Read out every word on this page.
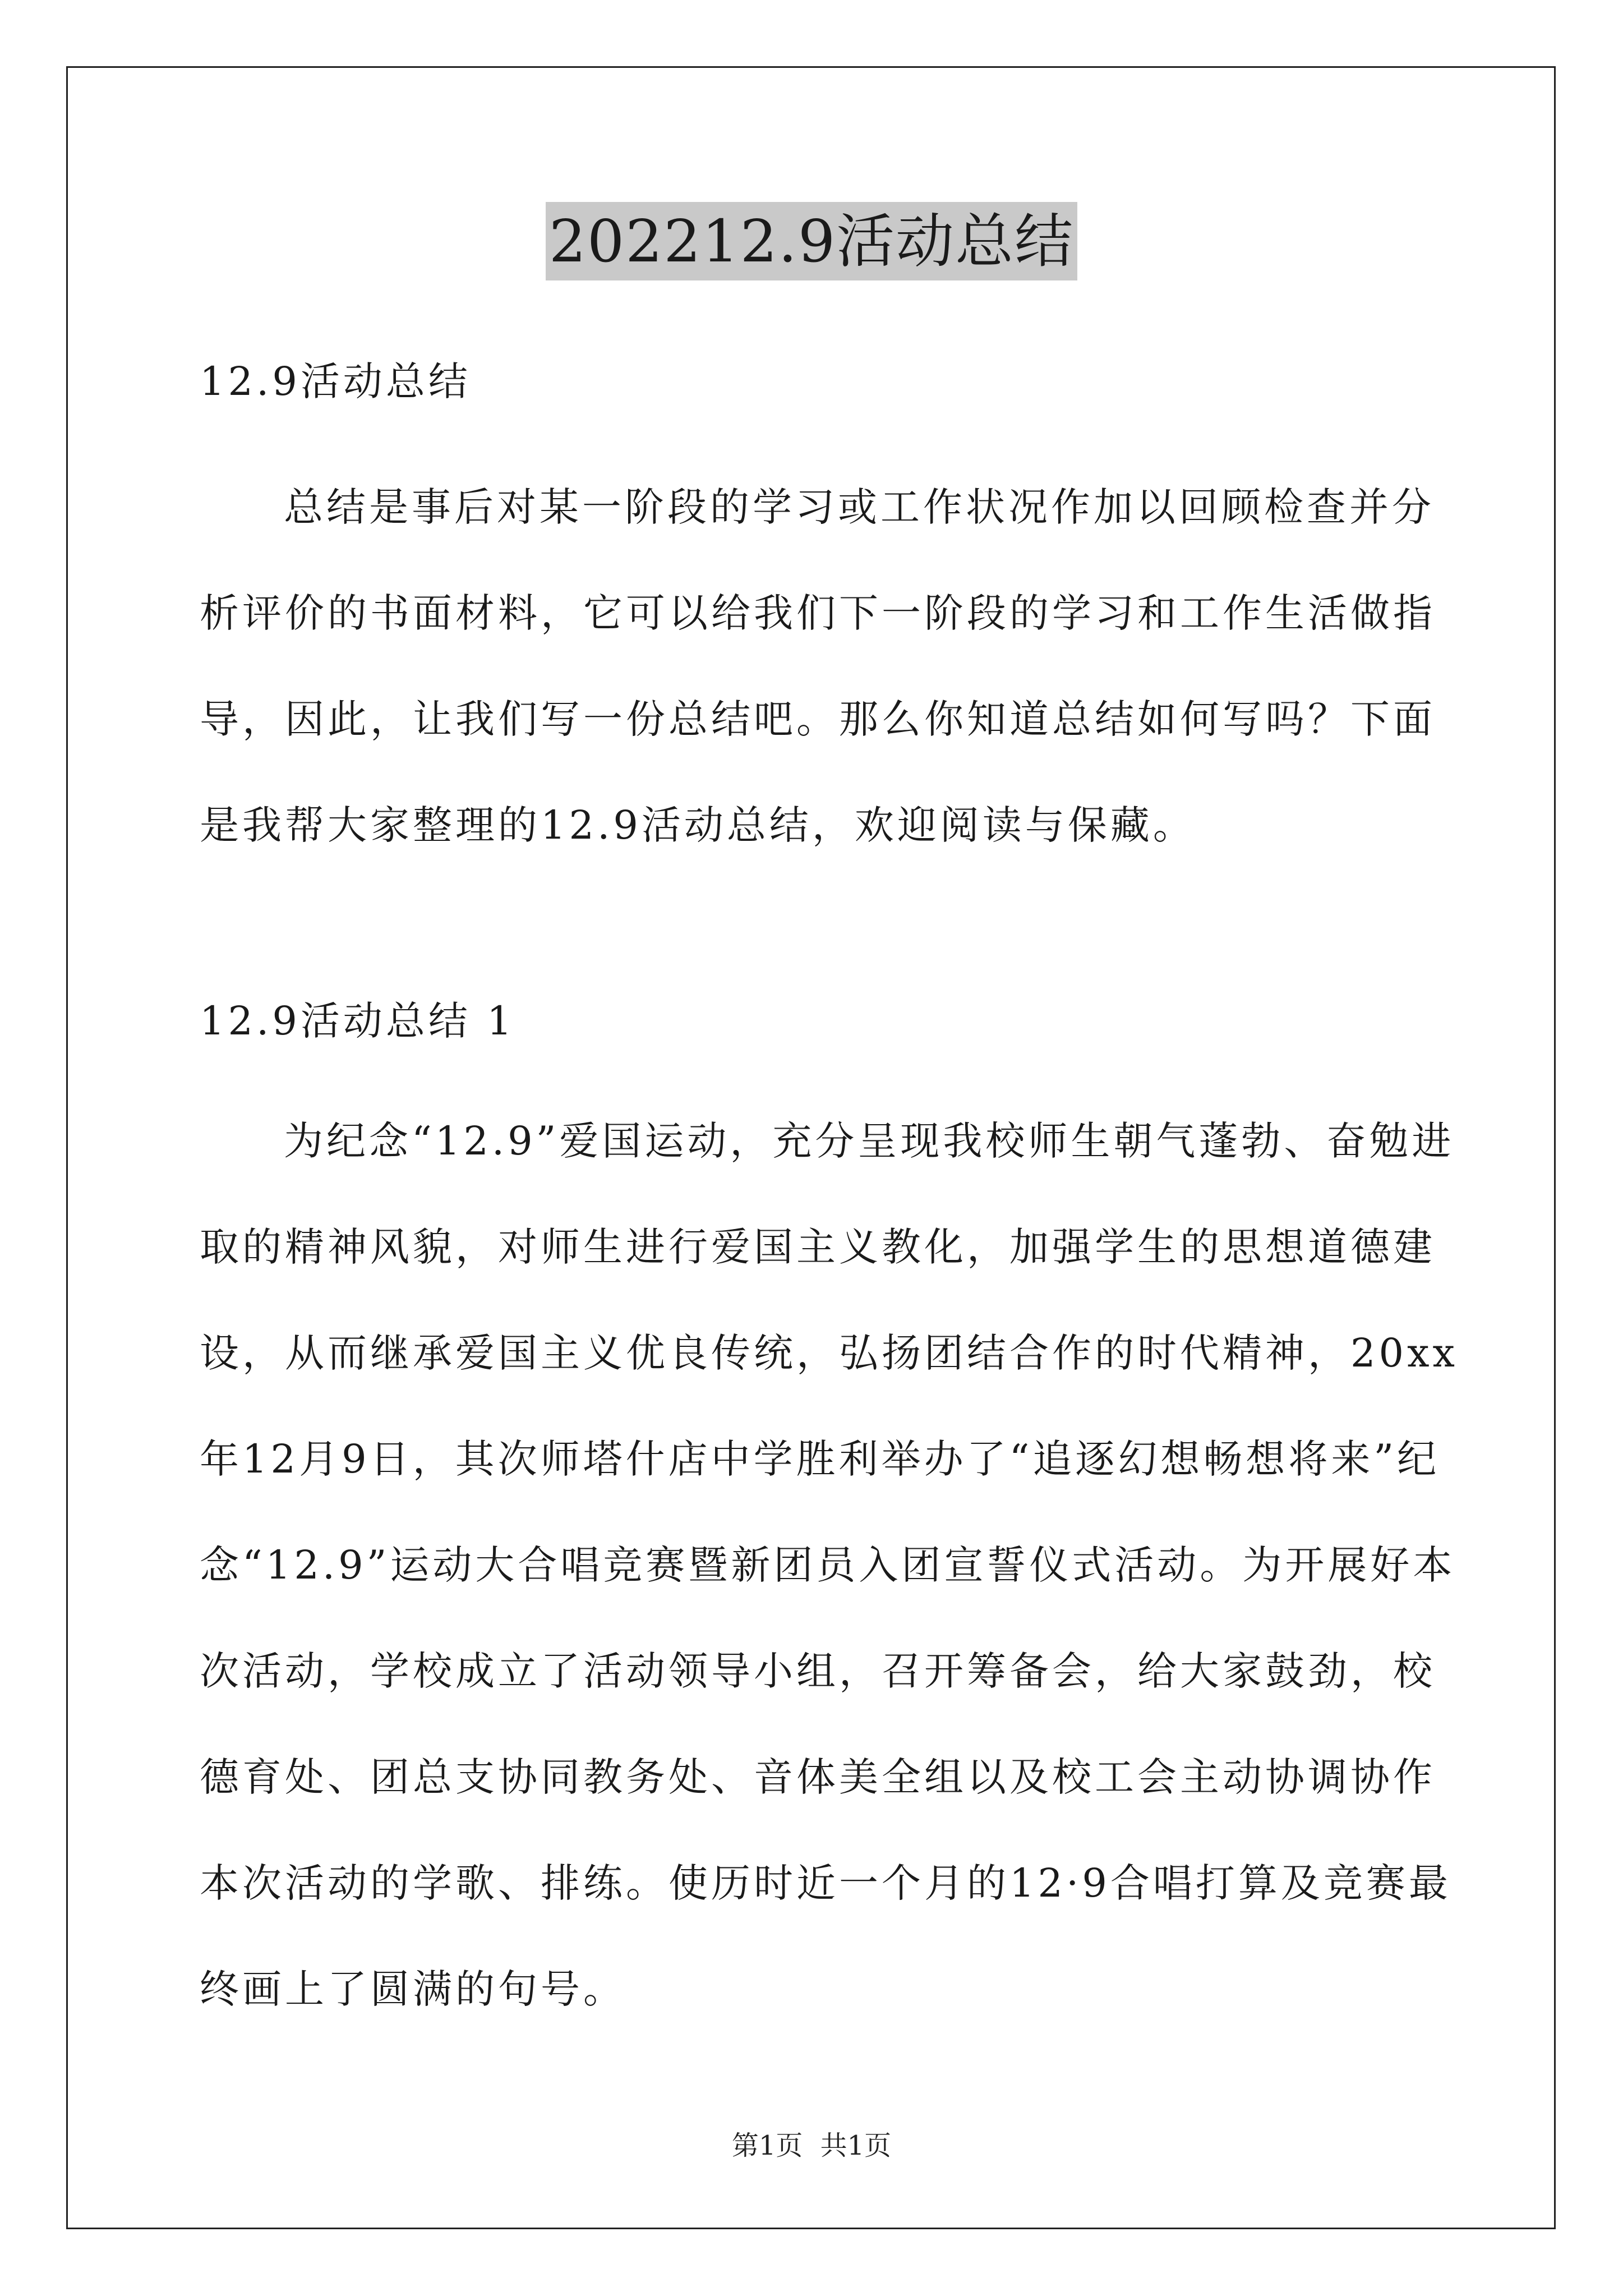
202212.9活动总结
12.9活动总结
总结是事后对某一阶段的学习或工作状况作加以回顾检查并分析评价的书面材料，它可以给我们下一阶段的学习和工作生活做指导，因此，让我们写一份总结吧。那么你知道总结如何写吗？下面是我帮大家整理的12.9活动总结，欢迎阅读与保藏。
12.9活动总结 1
为纪念“12.9”爱国运动，充分呈现我校师生朝气蓬勃、奋勉进取的精神风貌，对师生进行爱国主义教化，加强学生的思想道德建设，从而继承爱国主义优良传统，弘扬团结合作的时代精神，20xx年12月9日，其次师塔什店中学胜利举办了“追逐幻想畅想将来”纪念“12.9”运动大合唱竞赛暨新团员入团宣誓仪式活动。为开展好本次活动，学校成立了活动领导小组，召开筹备会，给大家鼓劲，校德育处、团总支协同教务处、音体美全组以及校工会主动协调协作本次活动的学歌、排练。使历时近一个月的12·9合唱打算及竞赛最终画上了圆满的句号。
第1页 共1页
